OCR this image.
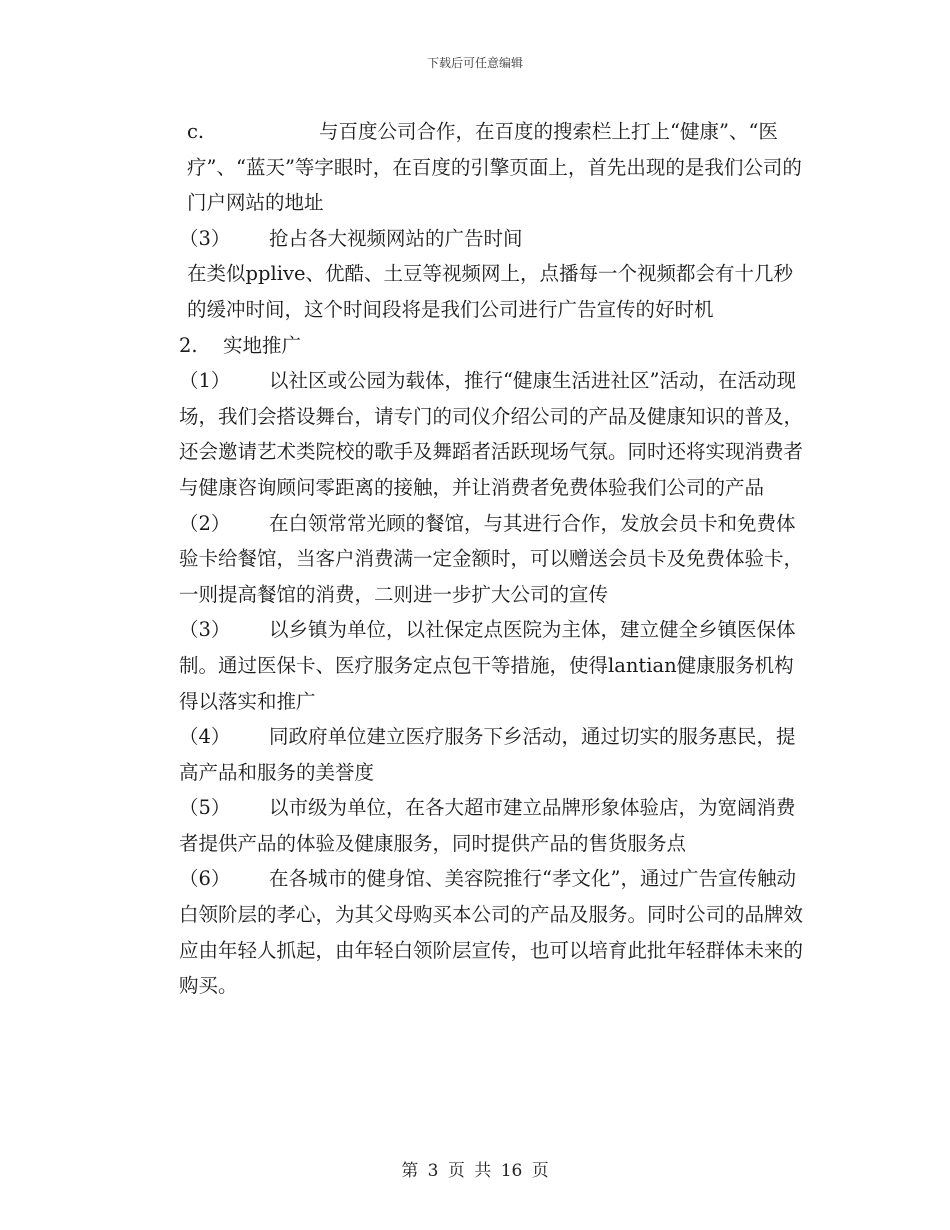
下载后可任意编辑

c.	与百度公司合作，在百度的搜索栏上打上“健康”、“医疗”、“蓝天”等字眼时，在百度的引擎页面上，首先出现的是我们公司的门户网站的地址

（3） 抢占各大视频网站的广告时间

在类似pplive、优酷、土豆等视频网上，点播每一个视频都会有十几秒的缓冲时间，这个时间段将是我们公司进行广告宣传的好时机

2. 实地推广

（1） 以社区或公园为载体，推行“健康生活进社区”活动，在活动现场，我们会搭设舞台，请专门的司仪介绍公司的产品及健康知识的普及，还会邀请艺术类院校的歌手及舞蹈者活跃现场气氛。同时还将实现消费者与健康咨询顾问零距离的接触，并让消费者免费体验我们公司的产品

（2） 在白领常常光顾的餐馆，与其进行合作，发放会员卡和免费体验卡给餐馆，当客户消费满一定金额时，可以赠送会员卡及免费体验卡，一则提高餐馆的消费，二则进一步扩大公司的宣传

（3） 以乡镇为单位，以社保定点医院为主体，建立健全乡镇医保体制。通过医保卡、医疗服务定点包干等措施，使得lantian健康服务机构得以落实和推广

（4） 同政府单位建立医疗服务下乡活动，通过切实的服务惠民，提高产品和服务的美誉度

（5） 以市级为单位，在各大超市建立品牌形象体验店，为宽阔消费者提供产品的体验及健康服务，同时提供产品的售货服务点

（6） 在各城市的健身馆、美容院推行“孝文化”，通过广告宣传触动白领阶层的孝心，为其父母购买本公司的产品及服务。同时公司的品牌效应由年轻人抓起，由年轻白领阶层宣传，也可以培育此批年轻群体未来的购买。

第 3 页 共 16 页
